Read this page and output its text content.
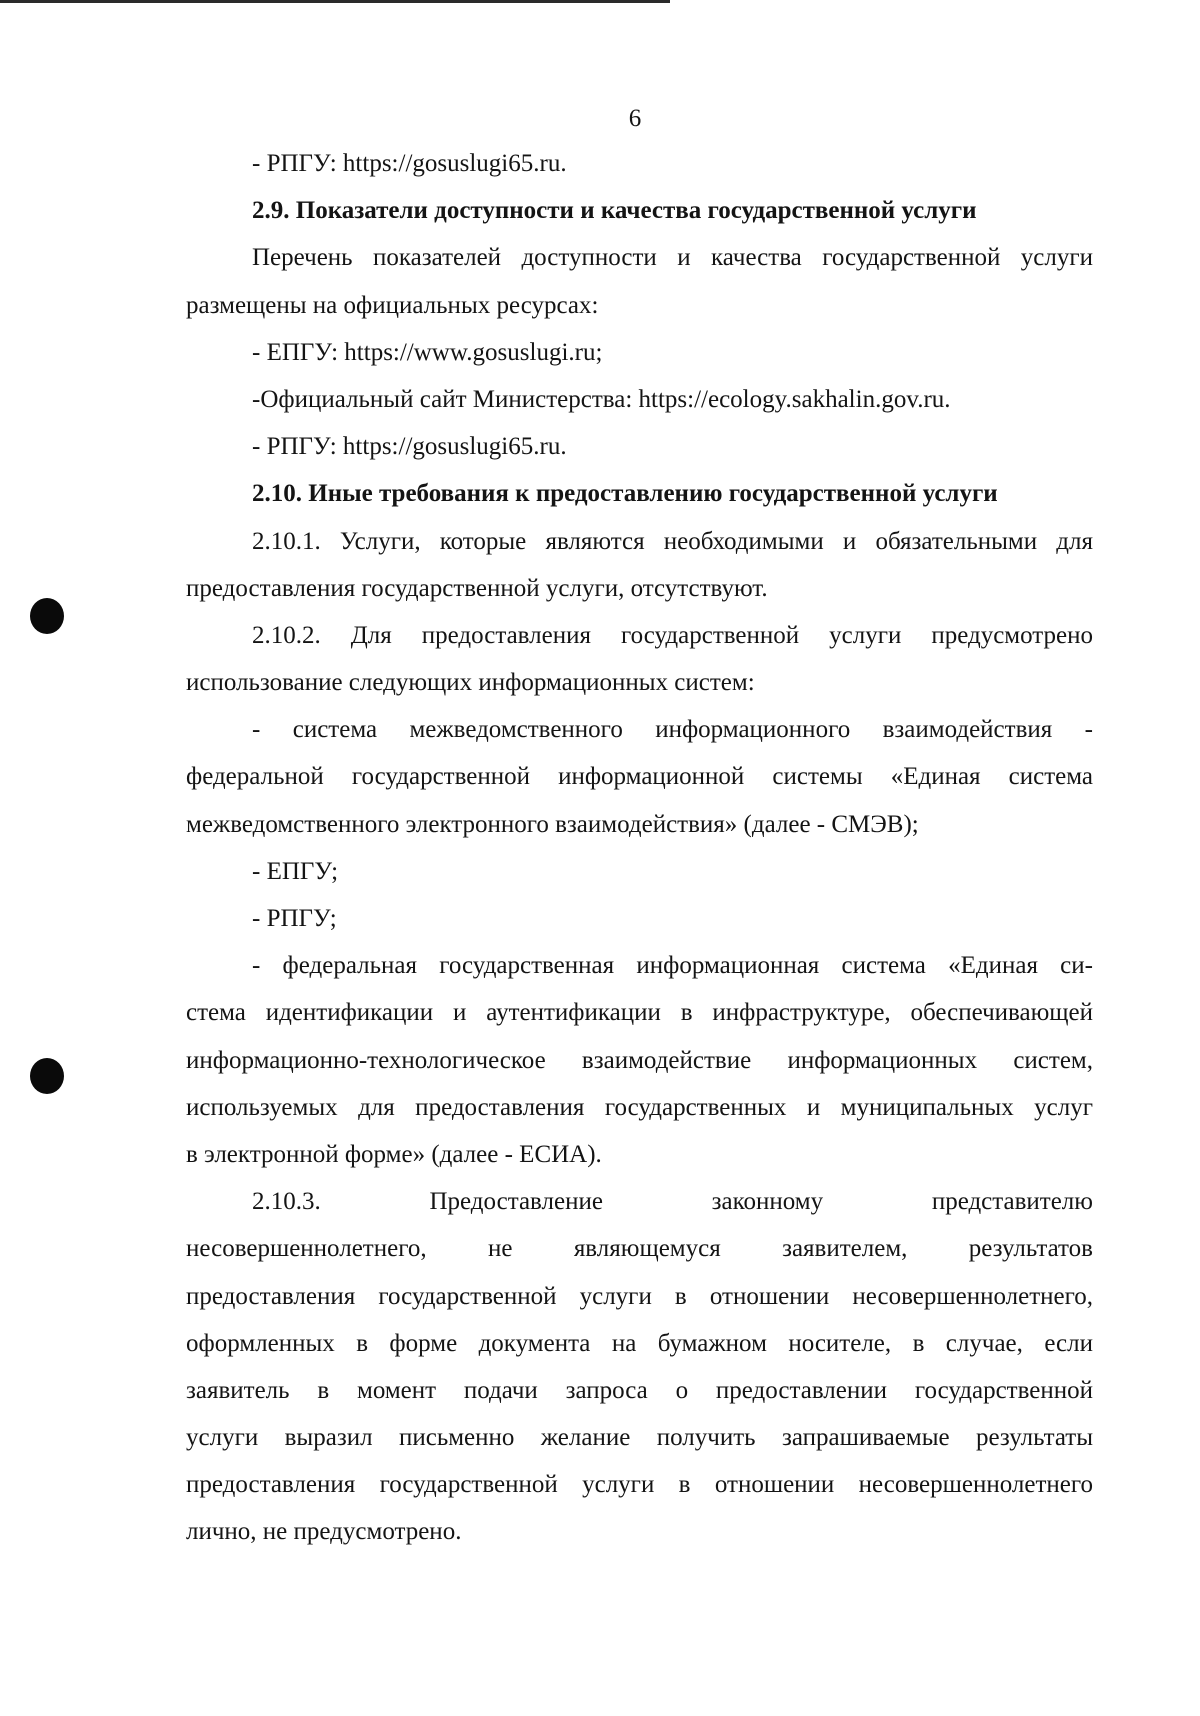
6
- РПГУ: https://gosuslugi65.ru.
2.9. Показатели доступности и качества государственной услуги
Перечень показателей доступности и качества государственной услуги
размещены на официальных ресурсах:
- ЕПГУ: https://www.gosuslugi.ru;
-Официальный сайт Министерства: https://ecology.sakhalin.gov.ru.
- РПГУ: https://gosuslugi65.ru.
2.10. Иные требования к предоставлению государственной услуги
2.10.1. Услуги, которые являются необходимыми и обязательными для
предоставления государственной услуги, отсутствуют.
2.10.2. Для предоставления государственной услуги предусмотрено
использование следующих информационных систем:
- система межведомственного информационного взаимодействия -
федеральной государственной информационной системы «Единая система
межведомственного электронного взаимодействия» (далее - СМЭВ);
- ЕПГУ;
- РПГУ;
- федеральная государственная информационная система «Единая си-
стема идентификации и аутентификации в инфраструктуре, обеспечивающей
информационно-технологическое взаимодействие информационных систем,
используемых для предоставления государственных и муниципальных услуг
в электронной форме» (далее - ЕСИА).
2.10.3.	Предоставление	законному	представителю
несовершеннолетнего, не являющемуся заявителем, результатов
предоставления государственной услуги в отношении несовершеннолетнего,
оформленных в форме документа на бумажном носителе, в случае, если
заявитель в момент подачи запроса о предоставлении государственной
услуги выразил письменно желание получить запрашиваемые результаты
предоставления государственной услуги в отношении несовершеннолетнего
лично, не предусмотрено.
